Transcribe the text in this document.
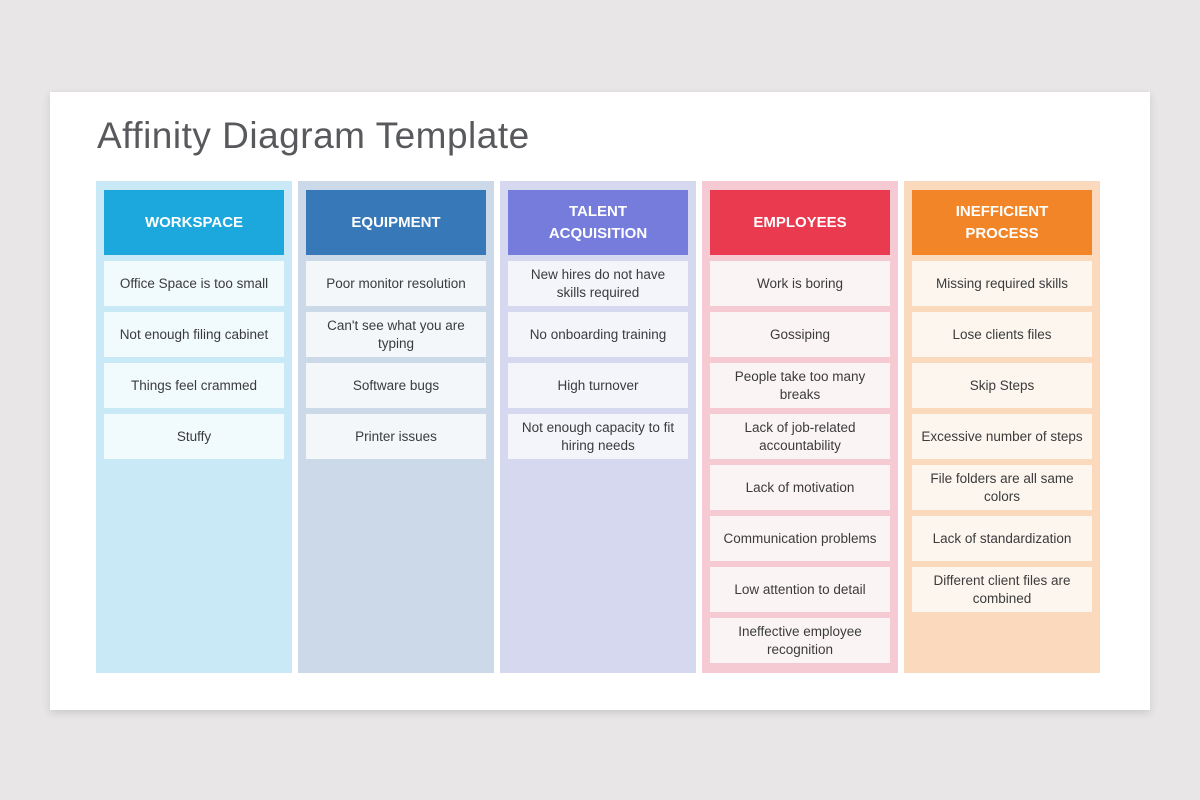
Affinity Diagram Template
WORKSPACE
Office Space is too small
Not enough filing cabinet
Things feel crammed
Stuffy
EQUIPMENT
Poor monitor resolution
Can't see what you are typing
Software bugs
Printer issues
TALENT ACQUISITION
New hires do not have skills required
No onboarding training
High turnover
Not enough capacity to fit hiring needs
EMPLOYEES
Work is boring
Gossiping
People take too many breaks
Lack of job-related accountability
Lack of motivation
Communication problems
Low attention to detail
Ineffective employee recognition
INEFFICIENT PROCESS
Missing required skills
Lose clients files
Skip Steps
Excessive number of steps
File folders are all same colors
Lack of standardization
Different client files are combined
